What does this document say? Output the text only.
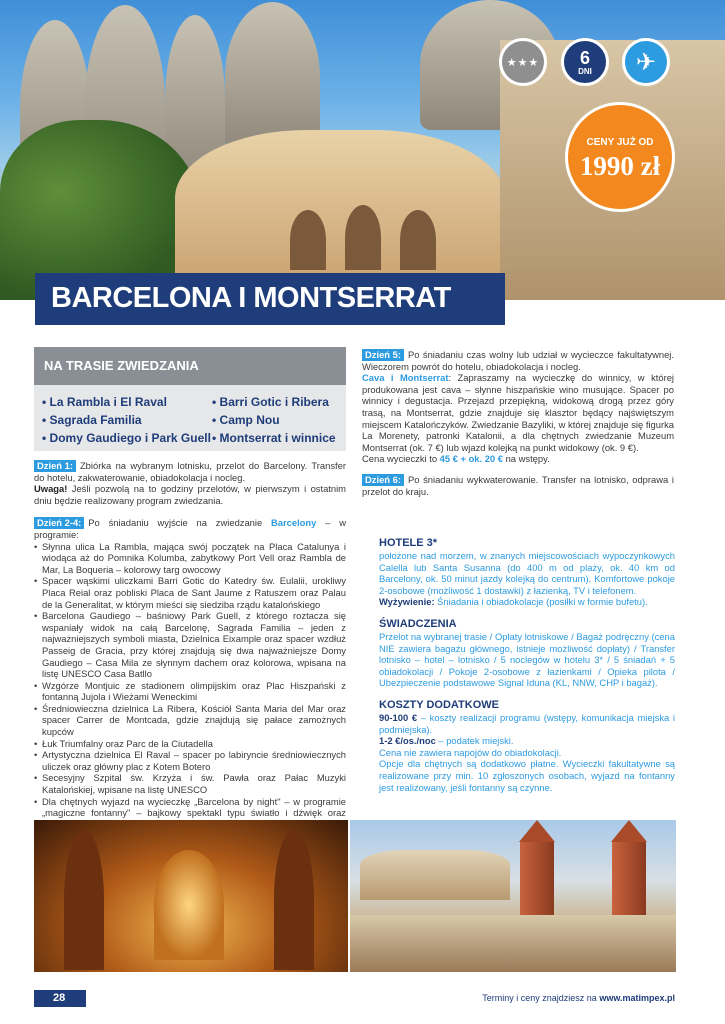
★★★ 6
DNI ✈
CENY JUŻ OD
1990 zł
BARCELONA I MONTSERRAT
NA TRASIE ZWIEDZANIA
• La Rambla i El Raval
• Sagrada Familia
• Domy Gaudiego i Park Guell
• Barri Gotic i Ribera
• Camp Nou
• Montserrat i winnice
Dzień 1: Zbiórka na wybranym lotnisku, przelot do Barcelony. Transfer do hotelu, zakwaterowanie, obiadokolacja i nocleg.
Uwaga! Jeśli pozwolą na to godziny przelotów, w pierwszym i ostatnim dniu będzie realizowany program zwiedzania.
Dzień 2-4: Po śniadaniu wyjście na zwiedzanie Barcelony – w programie:
• Słynna ulica La Rambla, mająca swój początek na Placa Catalunya i wiodąca aż do Pomnika Kolumba, zabytkowy Port Vell oraz Rambla de Mar, La Boqueria – kolorowy targ owocowy
• Spacer wąskimi uliczkami Barri Gotic do Katedry św. Eulalii, urokliwy Placa Reial oraz pobliski Placa de Sant Jaume z Ratuszem oraz Palau de la Generalitat, w którym mieści się siedziba rządu katalońskiego
• Barcelona Gaudiego – baśniowy Park Guell, z którego roztacza się wspaniały widok na całą Barcelonę, Sagrada Familia – jeden z najważniejszych symboli miasta, Dzielnica Eixample oraz spacer wzdłuż Passeig de Gracia, przy której znajdują się dwa najważniejsze Domy Gaudiego – Casa Mila ze słynnym dachem oraz kolorowa, wpisana na listę UNESCO Casa Batllo
• Wzgórze Montjuic ze stadionem olimpijskim oraz Plac Hiszpański z fontanną Jujola i Wieżami Weneckimi
• Średniowieczna dzielnica La Ribera, Kościół Santa Maria del Mar oraz spacer Carrer de Montcada, gdzie znajdują się pałace zamożnych kupców
• Łuk Triumfalny oraz Parc de la Ciutadella
• Artystyczna dzielnica El Raval – spacer po labiryncie średniowiecznych uliczek oraz główny plac z Kotem Botero
• Secesyjny Szpital św. Krzyża i św. Pawła oraz Pałac Muzyki Katalońskiej, wpisane na listę UNESCO
• Dla chętnych wyjazd na wycieczkę „Barcelona by night" – w programie „magiczne fontanny" – bajkowy spektakl typu światło i dźwięk oraz
Dzień 5: Po śniadaniu czas wolny lub udział w wycieczce fakultatywnej. Wieczorem powrót do hotelu, obiadokolacja i nocleg.
Cava i Montserrat: Zapraszamy na wycieczkę do winnicy, w której produkowana jest cava – słynne hiszpańskie wino musujące. Spacer po winnicy i degustacja. Przejazd przepiękną, widokową drogą przez góry trasą, na Montserrat, gdzie znajduje się klasztor będący najświętszym miejscem Katalończyków. Zwiedzanie Bazyliki, w której znajduje się figurka La Morenety, patronki Katalonii, a dla chętnych zwiedzanie Muzeum Montserrat (ok. 7 €) lub wjazd kolejką na punkt widokowy (ok. 9 €).
Cena wycieczki to 45 € + ok. 20 € na wstępy.
Dzień 6: Po śniadaniu wykwaterowanie. Transfer na lotnisko, odprawa i przelot do kraju.
HOTELE 3*
położone nad morzem, w znanych miejscowościach wypoczynkowych Calella lub Santa Susanna (do 400 m od plaży, ok. 40 km od Barcelony, ok. 50 minut jazdy kolejką do centrum). Komfortowe pokoje 2-osobowe (możliwość 1 dostawki) z łazienką, TV i telefonem.
Wyżywienie: Śniadania i obiadokolacje (posiłki w formie bufetu).
ŚWIADCZENIA
Przelot na wybranej trasie / Opłaty lotniskowe / Bagaż podręczny (cena NIE zawiera bagażu głównego, istnieje możliwość dopłaty) / Transfer lotnisko – hotel – lotnisko / 5 noclegów w hotelu 3* / 5 śniadań + 5 obiadokolacji / Pokoje 2-osobowe z łazienkami / Opieka pilota / Ubezpieczenie podstawowe Signal Iduna (KL, NNW, CHP i bagaż).
KOSZTY DODATKOWE
90-100 € – koszty realizacji programu (wstępy, komunikacja miejska i podmiejska).
1-2 €/os./noc – podatek miejski.
Cena nie zawiera napojów do obiadokolacji.
Opcje dla chętnych są dodatkowo płatne. Wycieczki fakultatywne są realizowane przy min. 10 zgłoszonych osobach, wyjazd na fontanny jest realizowany, jeśli fontanny są czynne.
28	Terminy i ceny znajdziesz na www.matimpex.pl
